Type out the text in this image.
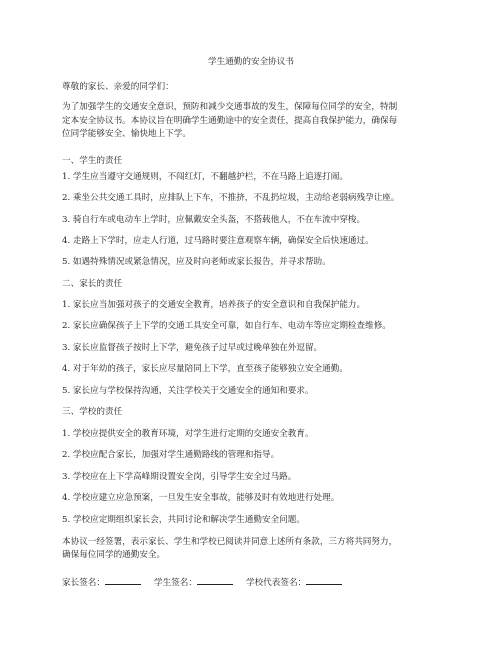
学生通勤的安全协议书
尊敬的家长、亲爱的同学们：
为了加强学生的交通安全意识，预防和减少交通事故的发生，保障每位同学的安全，特制
定本安全协议书。本协议旨在明确学生通勤途中的安全责任，提高自我保护能力，确保每
位同学能够安全、愉快地上下学。
一、学生的责任
1. 学生应当遵守交通规则，不闯红灯，不翻越护栏，不在马路上追逐打闹。
2. 乘坐公共交通工具时，应排队上下车，不推挤，不乱扔垃圾，主动给老弱病残孕让座。
3. 骑自行车或电动车上学时，应佩戴安全头盔，不搭载他人，不在车流中穿梭。
4. 走路上下学时，应走人行道，过马路时要注意观察车辆，确保安全后快速通过。
5. 如遇特殊情况或紧急情况，应及时向老师或家长报告，并寻求帮助。
二、家长的责任
1. 家长应当加强对孩子的交通安全教育，培养孩子的安全意识和自我保护能力。
2. 家长应确保孩子上下学的交通工具安全可靠，如自行车、电动车等应定期检查维修。
3. 家长应监督孩子按时上下学，避免孩子过早或过晚单独在外逗留。
4. 对于年幼的孩子，家长应尽量陪同上下学，直至孩子能够独立安全通勤。
5. 家长应与学校保持沟通，关注学校关于交通安全的通知和要求。
三、学校的责任
1. 学校应提供安全的教育环境，对学生进行定期的交通安全教育。
2. 学校应配合家长，加强对学生通勤路线的管理和指导。
3. 学校应在上下学高峰期设置安全岗，引导学生安全过马路。
4. 学校应建立应急预案，一旦发生安全事故，能够及时有效地进行处理。
5. 学校应定期组织家长会，共同讨论和解决学生通勤安全问题。
本协议一经签署，表示家长、学生和学校已阅读并同意上述所有条款，三方将共同努力，
确保每位同学的通勤安全。
家长签名：	学生签名：	学校代表签名：
